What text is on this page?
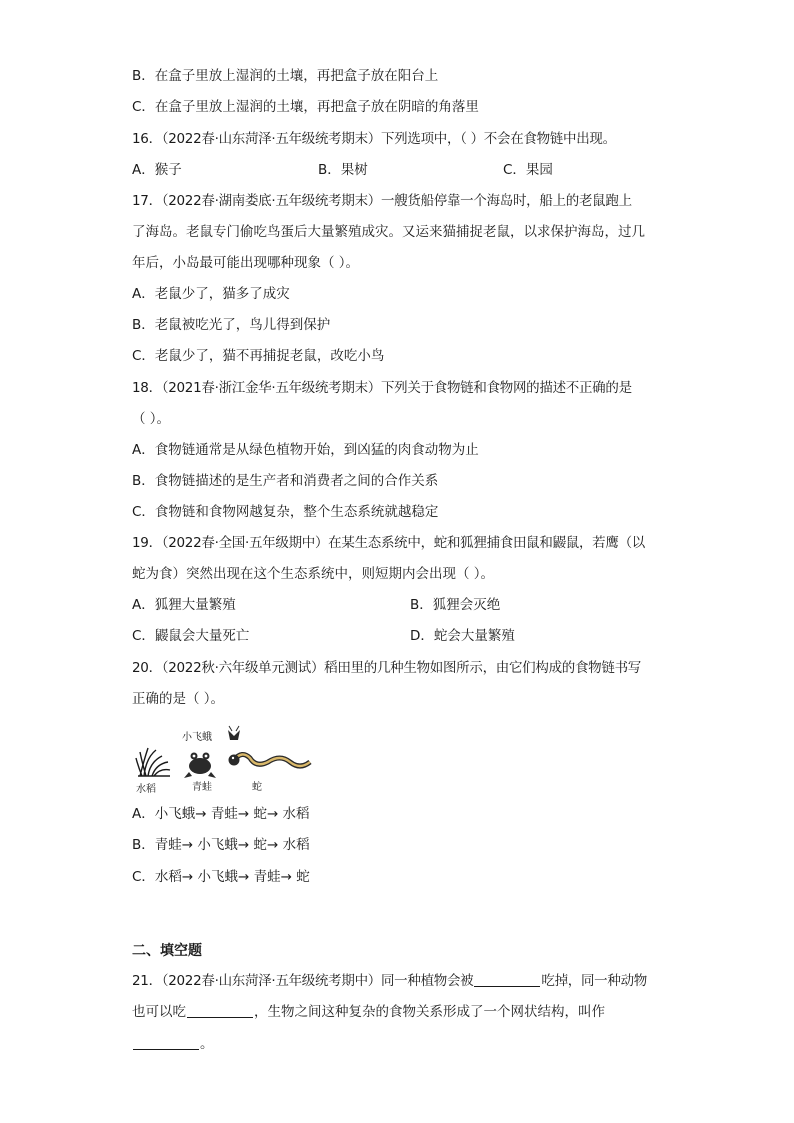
B．在盒子里放上湿润的土壤，再把盒子放在阳台上

C．在盒子里放上湿润的土壤，再把盒子放在阴暗的角落里

16．（2022春·山东菏泽·五年级统考期末）下列选项中，（ ）不会在食物链中出现。

A．猴子	B．果树	C．果园

17．（2022春·湖南娄底·五年级统考期末）一艘货船停靠一个海岛时，船上的老鼠跑上

了海岛。老鼠专门偷吃鸟蛋后大量繁殖成灾。又运来猫捕捉老鼠，以求保护海岛，过几

年后，小岛最可能出现哪种现象（ ）。

A．老鼠少了，猫多了成灾

B．老鼠被吃光了，鸟儿得到保护

C．老鼠少了，猫不再捕捉老鼠，改吃小鸟

18．（2021春·浙江金华·五年级统考期末）下列关于食物链和食物网的描述不正确的是

（ ）。

A．食物链通常是从绿色植物开始，到凶猛的肉食动物为止

B．食物链描述的是生产者和消费者之间的合作关系

C．食物链和食物网越复杂，整个生态系统就越稳定

19．（2022春·全国·五年级期中）在某生态系统中，蛇和狐狸捕食田鼠和鼹鼠，若鹰（以

蛇为食）突然出现在这个生态系统中，则短期内会出现（ ）。

A．狐狸大量繁殖	B．狐狸会灭绝
C．鼹鼠会大量死亡	D．蛇会大量繁殖

20．（2022秋·六年级单元测试）稻田里的几种生物如图所示，由它们构成的食物链书写

正确的是（ ）。

小飞蛾
水稻	青蛙	蛇

A．小飞蛾→ 青蛙→ 蛇→ 水稻

B．青蛙→ 小飞蛾→ 蛇→ 水稻

C．水稻→ 小飞蛾→ 青蛙→ 蛇

二、填空题

21．（2022春·山东菏泽·五年级统考期中）同一种植物会被	吃掉，同一种动物

也可以吃	，生物之间这种复杂的食物关系形成了一个网状结构，叫作

。
